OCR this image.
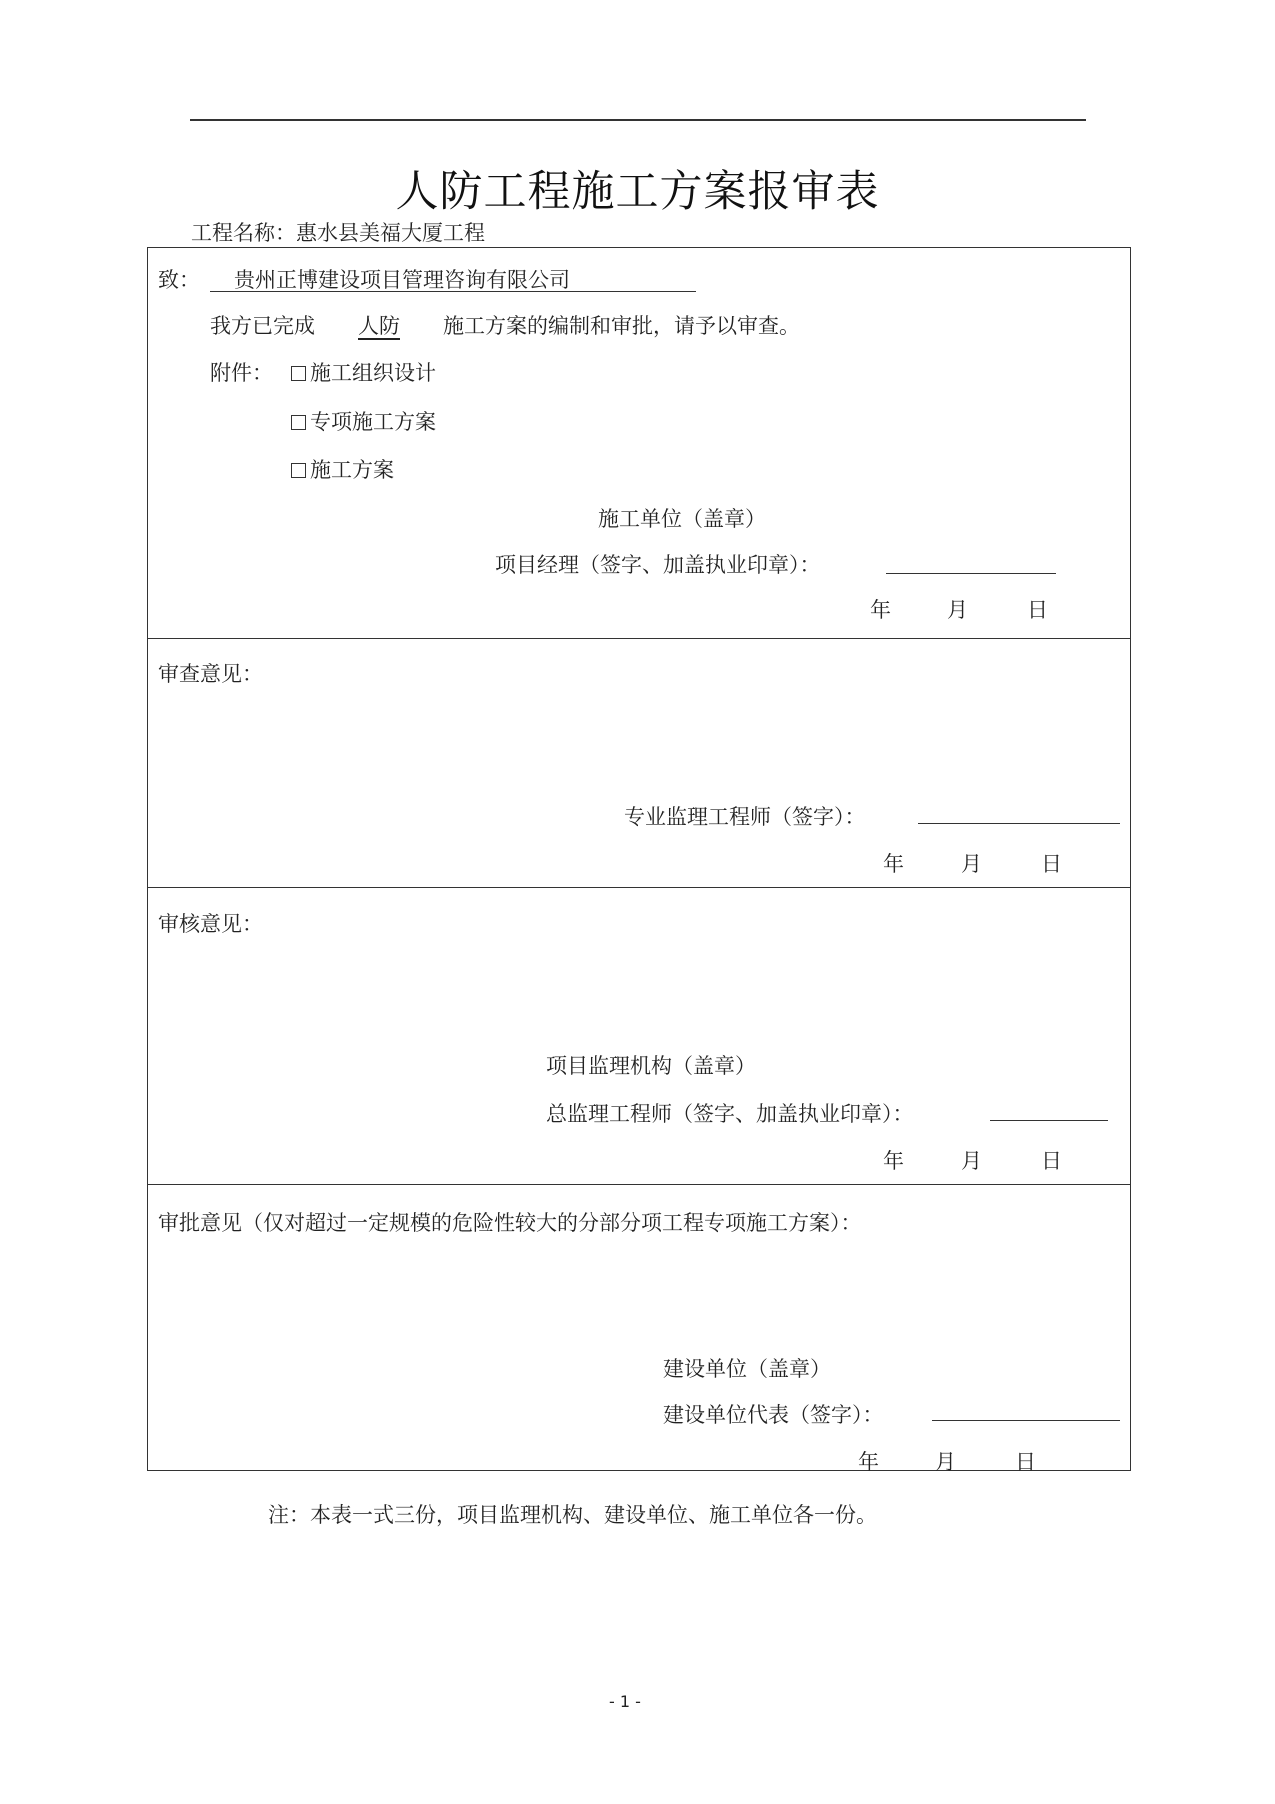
人防工程施工方案报审表
工程名称：惠水县美福大厦工程
致： 贵州正博建设项目管理咨询有限公司
我方已完成 人防 施工方案的编制和审批，请予以审查。
附件：	施工组织设计
专项施工方案
施工方案
施工单位（盖章）
项目经理（签字、加盖执业印章）：
年	月	日
审查意见：
专业监理工程师（签字）：
年	月	日
审核意见：
项目监理机构（盖章）
总监理工程师（签字、加盖执业印章）：
年	月	日
审批意见（仅对超过一定规模的危险性较大的分部分项工程专项施工方案）：
建设单位（盖章）
建设单位代表（签字）：
年	月	日
注：本表一式三份，项目监理机构、建设单位、施工单位各一份。
- 1 -
